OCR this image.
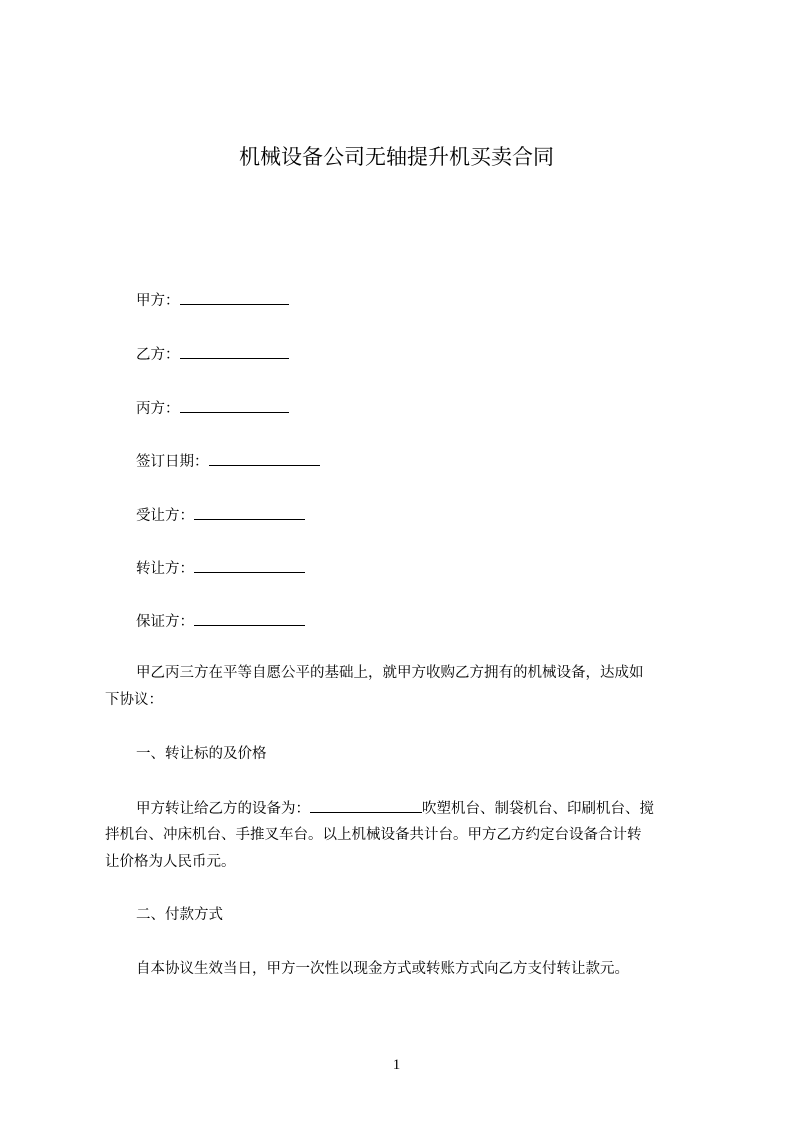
机械设备公司无轴提升机买卖合同
甲方：
乙方：
丙方：
签订日期：
受让方：
转让方：
保证方：
甲乙丙三方在平等自愿公平的基础上，就甲方收购乙方拥有的机械设备，达成如
下协议：
一、转让标的及价格
甲方转让给乙方的设备为：	吹塑机台、制袋机台、印刷机台、搅
拌机台、冲床机台、手推叉车台。以上机械设备共计台。甲方乙方约定台设备合计转
让价格为人民币元。
二、付款方式
自本协议生效当日，甲方一次性以现金方式或转账方式向乙方支付转让款元。
1
